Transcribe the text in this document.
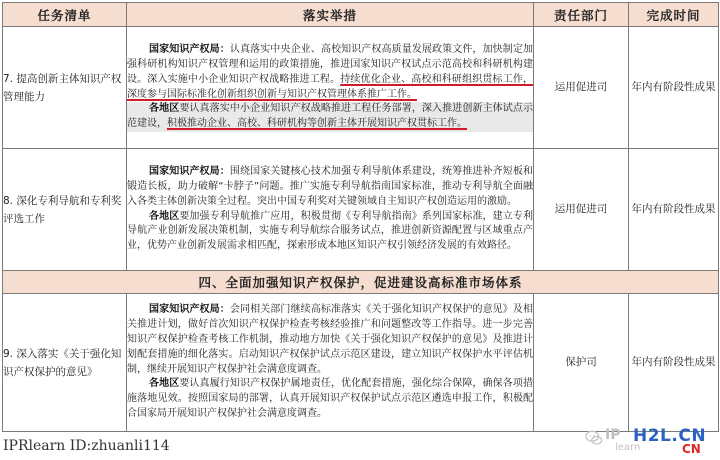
任务清单	落实举措	责任部门	完成时间
7. 提高创新主体知识产权管理能力	国家知识产权局：认真落实中央企业、高校知识产权高质量发展政策文件，加快制定加强科研机构知识产权管理和运用的政策措施，推进国家知识产权试点示范高校和科研机构建设。深入实施中小企业知识产权战略推进工程。持续优化企业、高校和科研组织贯标工作，深度参与国际标准化创新组织创新与知识产权管理体系推广工作。

各地区要认真落实中小企业知识产权战略推进工程任务部署，深入推进创新主体试点示范建设，积极推动企业、高校、科研机构等创新主体开展知识产权贯标工作。	运用促进司	年内有阶段性成果
8. 深化专利导航和专利奖评选工作	国家知识产权局：围绕国家关键核心技术加强专利导航体系建设，统筹推进补齐短板和锻造长板，助力破解“卡脖子”问题。推广实施专利导航指南国家标准，推动专利导航全面融入各类主体创新决策全过程。突出中国专利奖对关键领域自主知识产权创造运用的激励。

各地区要加强专利导航推广应用，积极贯彻《专利导航指南》系列国家标准，建立专利导航产业创新发展决策机制，实施专利导航综合服务试点，推进创新资源配置与区域重点产业，优势产业创新发展需求相匹配，探索形成本地区知识产权引领经济发展的有效路径。	运用促进司	年内有阶段性成果
四、全面加强知识产权保护，促进建设高标准市场体系			
9. 深入落实《关于强化知识产权保护的意见》	国家知识产权局：会同相关部门继续高标准落实《关于强化知识产权保护的意见》及相关推进计划，做好首次知识产权保护检查考核经验推广和问题整改等工作指导。进一步完善知识产权保护检查考核工作机制，推动地方加快《关于强化知识产权保护的意见》及推进计划配套措施的细化落实。启动知识产权保护试点示范区建设，建立知识产权保护水平评估机制，继续开展知识产权保护社会满意度调查。

各地区要认真履行知识产权保护属地责任，优化配套措施，强化综合保障，确保各项措施落地见效。按照国家局的部署，认真开展知识产权保护试点示范区遴选申报工作，积极配合国家局开展知识产权保护社会满意度调查。	保护司	年内有阶段性成果
IPRlearn ID:zhuanli114
IP H2L.CN
learn	CN
